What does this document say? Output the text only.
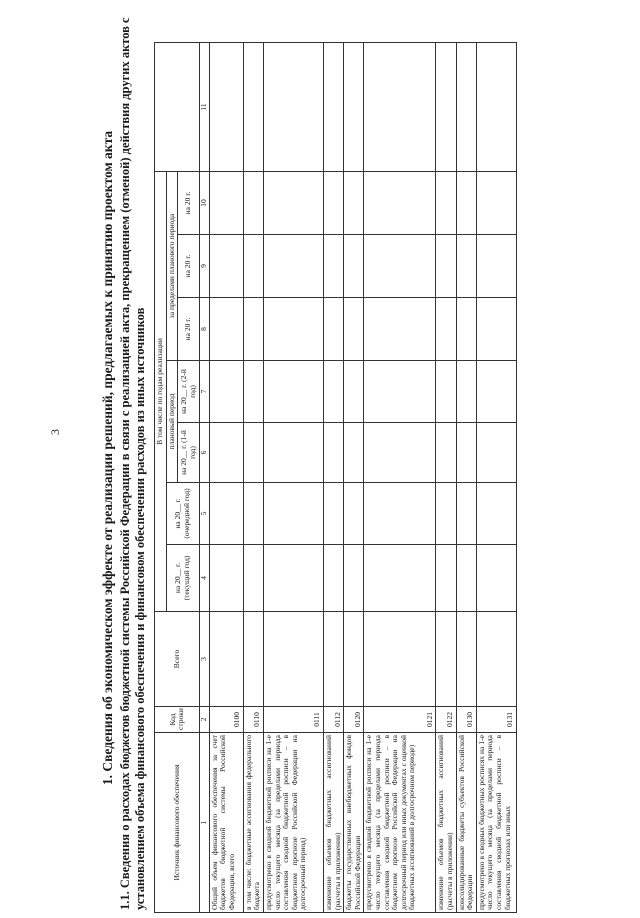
3	1. Сведения об экономическом эффекте от реализации решений, предлагаемых к принятию проектом акта 1.1. Сведения о расходах бюджетов бюджетной системы Российской Федерации в связи с реализацией акта, прекращением (отменой) действия других актов с установлением объема финансового обеспечения и финансовом обеспечении расходов из иных источников	Источник финансового обеспечения	Код строки	Всего	В том числе по годам реализации							
			на 20__ г. (текущий год)	на 20__ г. (очередной год)	плановый период		за пределами планового периода			
					на 20__ г. (1-й год)	на 20__ г. (2-й год)	на 20 г.	на 20 г.	на 20 г.	

1	2	3	4	5	6	7	8	9	10	11
Общий объем финансового обеспечения за счет бюджетов бюджетной системы Российской Федерации, всего	0100									
в том числе: бюджетные ассигнования федерального бюджета	0110									
предусмотрено в сводной бюджетной росписи на 1-е число текущего месяца (за пределами периода составления сводной бюджетной росписи – в бюджетном прогнозе Российской Федерации на долгосрочный период)	0111									
изменение объемов бюджетных ассигнований (расчеты в приложении)	0112									
бюджеты государственных внебюджетных фондов Российской Федерации	0120									
предусмотрено в сводной бюджетной росписи на 1-е число текущего месяца (за пределами периода составления сводной бюджетной росписи – в бюджетном прогнозе Российской Федерации на долгосрочный период или иных документах с оценкой бюджетных ассигнований в долгосрочном периоде)	0121									
изменение объемов бюджетных ассигнований (расчеты в приложении)	0122									
консолидированные бюджеты субъектов Российской Федерации	0130									
предусмотрено в сводных бюджетных росписях на 1-е число текущего месяца (за пределами периода составления сводной бюджетной росписи – в бюджетных прогнозах или иных	0131									
